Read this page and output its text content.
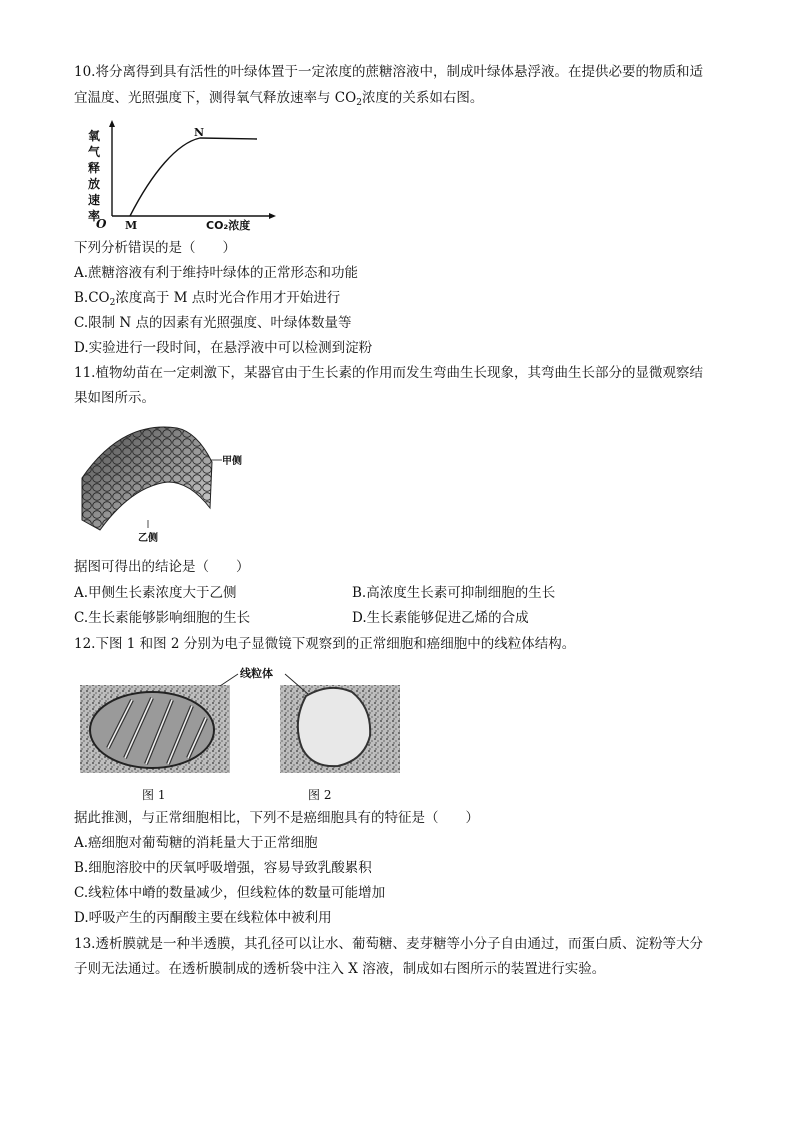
10.将分离得到具有活性的叶绿体置于一定浓度的蔗糖溶液中，制成叶绿体悬浮液。在提供必要的物质和适
宜温度、光照强度下，测得氧气释放速率与 $CO_2$浓度的关系如右图。
氧 气 释 放 速 率
O M
N
CO₂浓度
下列分析错误的是（　　）
A.蔗糖溶液有利于维持叶绿体的正常形态和功能
$B.CO_2$浓度高于 M 点时光合作用才开始进行
C.限制 N 点的因素有光照强度、叶绿体数量等
D.实验进行一段时间，在悬浮液中可以检测到淀粉
11.植物幼苗在一定刺激下，某器官由于生长素的作用而发生弯曲生长现象，其弯曲生长部分的显微观察结
果如图所示。
甲侧
乙侧
据图可得出的结论是（　　）
A.甲侧生长素浓度大于乙侧	B.高浓度生长素可抑制细胞的生长
C.生长素能够影响细胞的生长	D.生长素能够促进乙烯的合成
12.下图 1 和图 2 分别为电子显微镜下观察到的正常细胞和癌细胞中的线粒体结构。
线粒体
图 1	图 2
据此推测，与正常细胞相比，下列不是癌细胞具有的特征是（　　）
A.癌细胞对葡萄糖的消耗量大于正常细胞
B.细胞溶胶中的厌氧呼吸增强，容易导致乳酸累积
C.线粒体中嵴的数量减少，但线粒体的数量可能增加
D.呼吸产生的丙酮酸主要在线粒体中被利用
13.透析膜就是一种半透膜，其孔径可以让水、葡萄糖、麦芽糖等小分子自由通过，而蛋白质、淀粉等大分
子则无法通过。在透析膜制成的透析袋中注入 X 溶液，制成如右图所示的装置进行实验。
